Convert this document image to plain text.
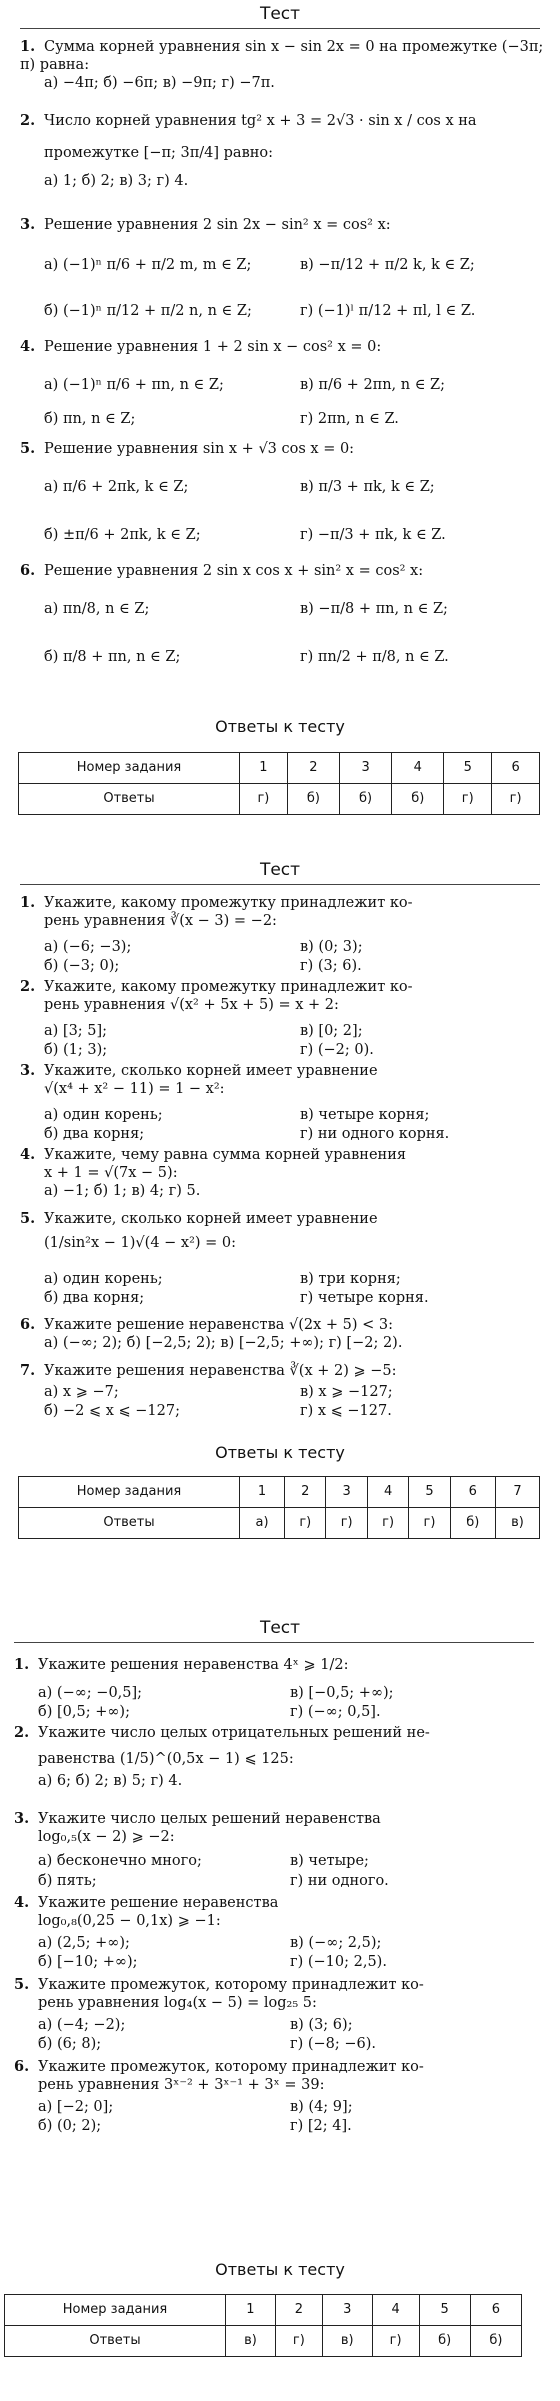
Тест
1. Сумма корней уравнения sin x − sin 2x = 0 на промежутке (−3π; π) равна:
а) −4π; б) −6π; в) −9π; г) −7π.
2. Число корней уравнения tg² x + 3 = 2√3 · sin x / cos x на
промежутке [−π; 3π/4] равно:
а) 1; б) 2; в) 3; г) 4.
3. Решение уравнения 2 sin 2x − sin² x = cos² x:
а) (−1)ⁿ π/6 + π/2 m, m ∈ Z;	в) −π/12 + π/2 k, k ∈ Z;
б) (−1)ⁿ π/12 + π/2 n, n ∈ Z;	г) (−1)ˡ π/12 + πl, l ∈ Z.
4. Решение уравнения 1 + 2 sin x − cos² x = 0:
а) (−1)ⁿ π/6 + πn, n ∈ Z;	в) π/6 + 2πn, n ∈ Z;
б) πn, n ∈ Z;	г) 2πn, n ∈ Z.
5. Решение уравнения sin x + √3 cos x = 0:
а) π/6 + 2πk, k ∈ Z;	в) π/3 + πk, k ∈ Z;
б) ±π/6 + 2πk, k ∈ Z;	г) −π/3 + πk, k ∈ Z.
6. Решение уравнения 2 sin x cos x + sin² x = cos² x:
а) πn/8, n ∈ Z;	в) −π/8 + πn, n ∈ Z;
б) π/8 + πn, n ∈ Z;	г) πn/2 + π/8, n ∈ Z.
Ответы к тесту
Номер задания	1	2	3	4	5	6
Ответы	г)	б)	б)	б)	г)	г)
Тест
1. Укажите, какому промежутку принадлежит ко-
рень уравнения ∛(x − 3) = −2:
а) (−6; −3);	в) (0; 3);
б) (−3; 0);	г) (3; 6).
2. Укажите, какому промежутку принадлежит ко-
рень уравнения √(x² + 5x + 5) = x + 2:
а) [3; 5];	в) [0; 2];
б) (1; 3);	г) (−2; 0).
3. Укажите, сколько корней имеет уравнение
√(x⁴ + x² − 11) = 1 − x²:
а) один корень;	в) четыре корня;
б) два корня;	г) ни одного корня.
4. Укажите, чему равна сумма корней уравнения
x + 1 = √(7x − 5):
а) −1; б) 1; в) 4; г) 5.
5. Укажите, сколько корней имеет уравнение
(1/sin²x − 1)√(4 − x²) = 0:
а) один корень;	в) три корня;
б) два корня;	г) четыре корня.
6. Укажите решение неравенства √(2x + 5) < 3:
а) (−∞; 2); б) [−2,5; 2); в) [−2,5; +∞); г) [−2; 2).
7. Укажите решения неравенства ∛(x + 2) ⩾ −5:
а) x ⩾ −7;	в) x ⩾ −127;
б) −2 ⩽ x ⩽ −127;	г) x ⩽ −127.
Ответы к тесту
Номер задания	1	2	3	4	5	6	7
Ответы	а)	г)	г)	г)	г)	б)	в)
Тест
1. Укажите решения неравенства 4ˣ ⩾ 1/2:
а) (−∞; −0,5];	в) [−0,5; +∞);
б) [0,5; +∞);	г) (−∞; 0,5].
2. Укажите число целых отрицательных решений не-
равенства (1/5)^(0,5x − 1) ⩽ 125:
а) 6; б) 2; в) 5; г) 4.
3. Укажите число целых решений неравенства
log₀,₅(x − 2) ⩾ −2:
а) бесконечно много;	в) четыре;
б) пять;	г) ни одного.
4. Укажите решение неравенства
log₀,₈(0,25 − 0,1x) ⩾ −1:
а) (2,5; +∞);	в) (−∞; 2,5);
б) [−10; +∞);	г) (−10; 2,5).
5. Укажите промежуток, которому принадлежит ко-
рень уравнения log₄(x − 5) = log₂₅ 5:
а) (−4; −2);	в) (3; 6);
б) (6; 8);	г) (−8; −6).
6. Укажите промежуток, которому принадлежит ко-
рень уравнения 3ˣ⁻² + 3ˣ⁻¹ + 3ˣ = 39:
а) [−2; 0];	в) (4; 9];
б) (0; 2);	г) [2; 4].
Ответы к тесту
Номер задания	1	2	3	4	5	6
Ответы	в)	г)	в)	г)	б)	б)
